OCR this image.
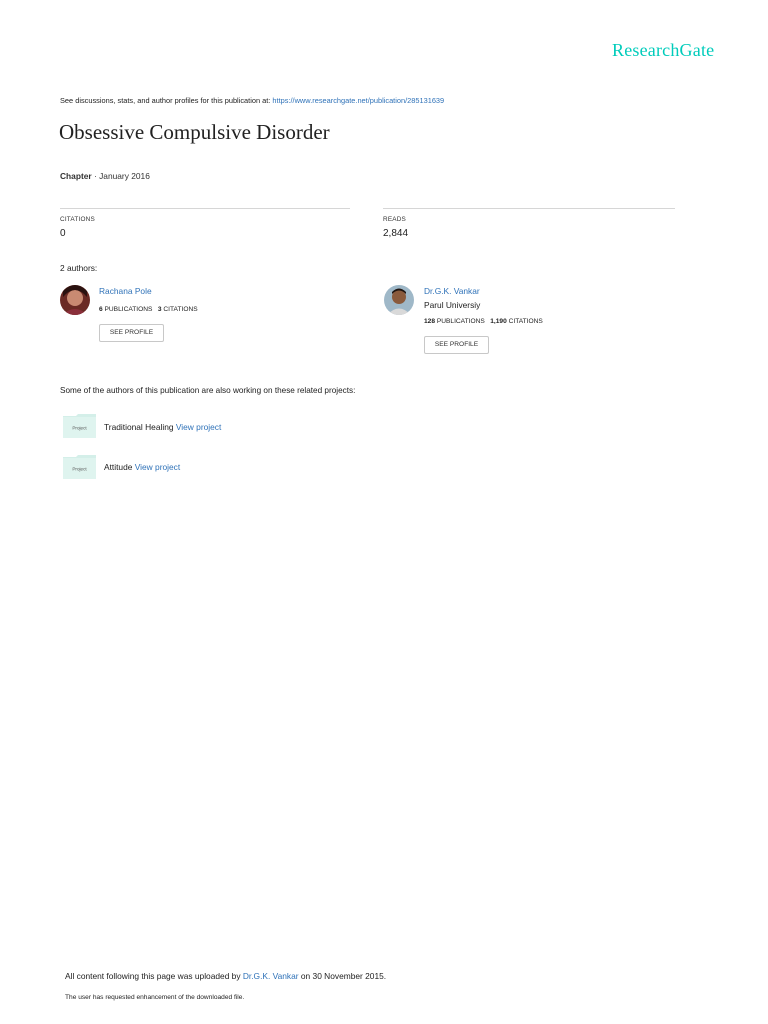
ResearchGate
See discussions, stats, and author profiles for this publication at: https://www.researchgate.net/publication/285131639
Obsessive Compulsive Disorder
Chapter · January 2016
CITATIONS
0
READS
2,844
2 authors:
Rachana Pole
6 PUBLICATIONS 3 CITATIONS
SEE PROFILE
Dr.G.K. Vankar
Parul Universiy
128 PUBLICATIONS 1,190 CITATIONS
SEE PROFILE
Some of the authors of this publication are also working on these related projects:
Project Traditional Healing View project
Project Attitude View project
All content following this page was uploaded by Dr.G.K. Vankar on 30 November 2015.
The user has requested enhancement of the downloaded file.
